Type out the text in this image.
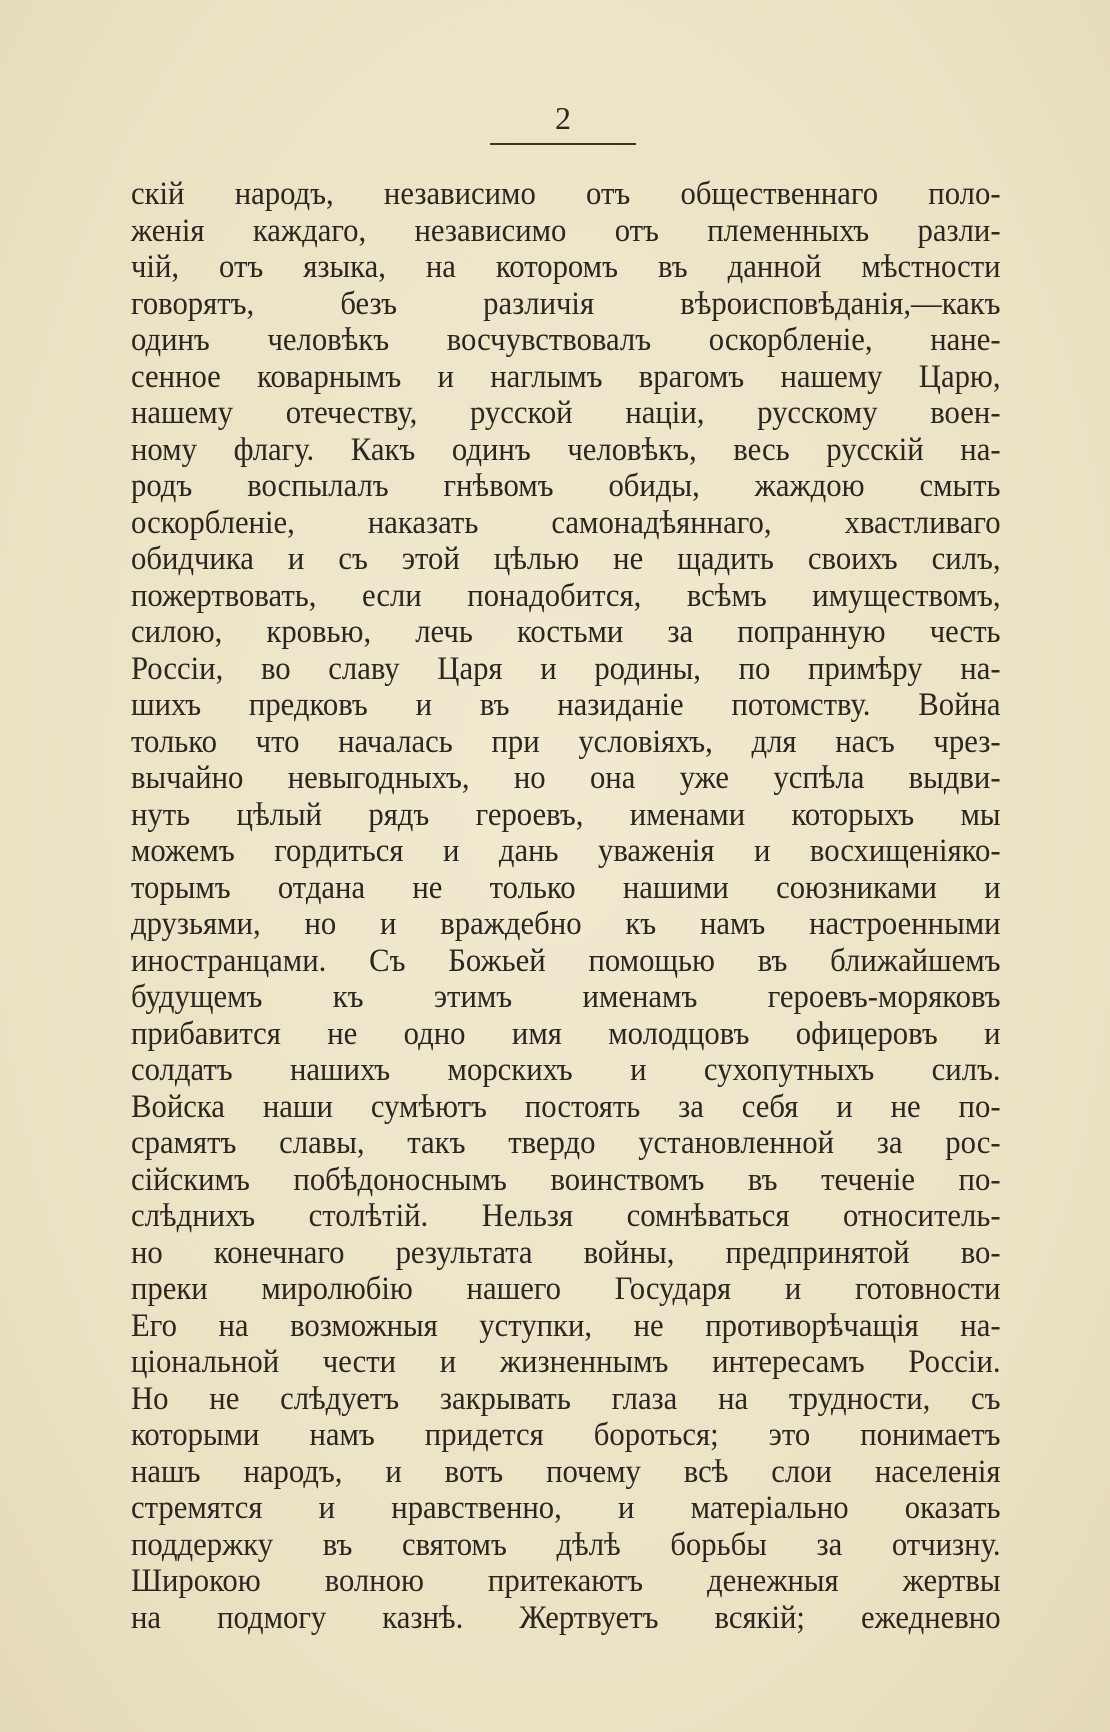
2
скій народъ, независимо отъ общественнаго поло-
женія каждаго, независимо отъ племенныхъ разли-
чій, отъ языка, на которомъ въ данной мѣстности
говорятъ, безъ различія вѣроисповѣданія,—какъ
одинъ человѣкъ восчувствовалъ оскорбленіе, нане-
сенное коварнымъ и наглымъ врагомъ нашему Царю,
нашему отечеству, русской націи, русскому воен-
ному флагу. Какъ одинъ человѣкъ, весь русскій на-
родъ воспылалъ гнѣвомъ обиды, жаждою смыть
оскорбленіе, наказать самонадѣяннаго, хвастливаго
обидчика и съ этой цѣлью не щадить своихъ силъ,
пожертвовать, если понадобится, всѣмъ имуществомъ,
силою, кровью, лечь костьми за попранную честь
Россіи, во славу Царя и родины, по примѣру на-
шихъ предковъ и въ назиданіе потомству. Война
только что началась при условіяхъ, для насъ чрез-
вычайно невыгодныхъ, но она уже успѣла выдви-
нуть цѣлый рядъ героевъ, именами которыхъ мы
можемъ гордиться и дань уваженія и восхищеніяко-
торымъ отдана не только нашими союзниками и
друзьями, но и враждебно къ намъ настроенными
иностранцами. Съ Божьей помощью въ ближайшемъ
будущемъ къ этимъ именамъ героевъ-моряковъ
прибавится не одно имя молодцовъ офицеровъ и
солдатъ нашихъ морскихъ и сухопутныхъ силъ.
Войска наши сумѣютъ постоять за себя и не по-
срамятъ славы, такъ твердо установленной за рос-
сійскимъ побѣдоноснымъ воинствомъ въ теченіе по-
слѣднихъ столѣтій. Нельзя сомнѣваться относитель-
но конечнаго результата войны, предпринятой во-
преки миролюбію нашего Государя и готовности
Его на возможныя уступки, не противорѣчащія на-
ціональной чести и жизненнымъ интересамъ Россіи.
Но не слѣдуетъ закрывать глаза на трудности, съ
которыми намъ придется бороться; это понимаетъ
нашъ народъ, и вотъ почему всѣ слои населенія
стремятся и нравственно, и матеріально оказать
поддержку въ святомъ дѣлѣ борьбы за отчизну.
Широкою волною притекаютъ денежныя жертвы
на подмогу казнѣ. Жертвуетъ всякій; ежедневно
